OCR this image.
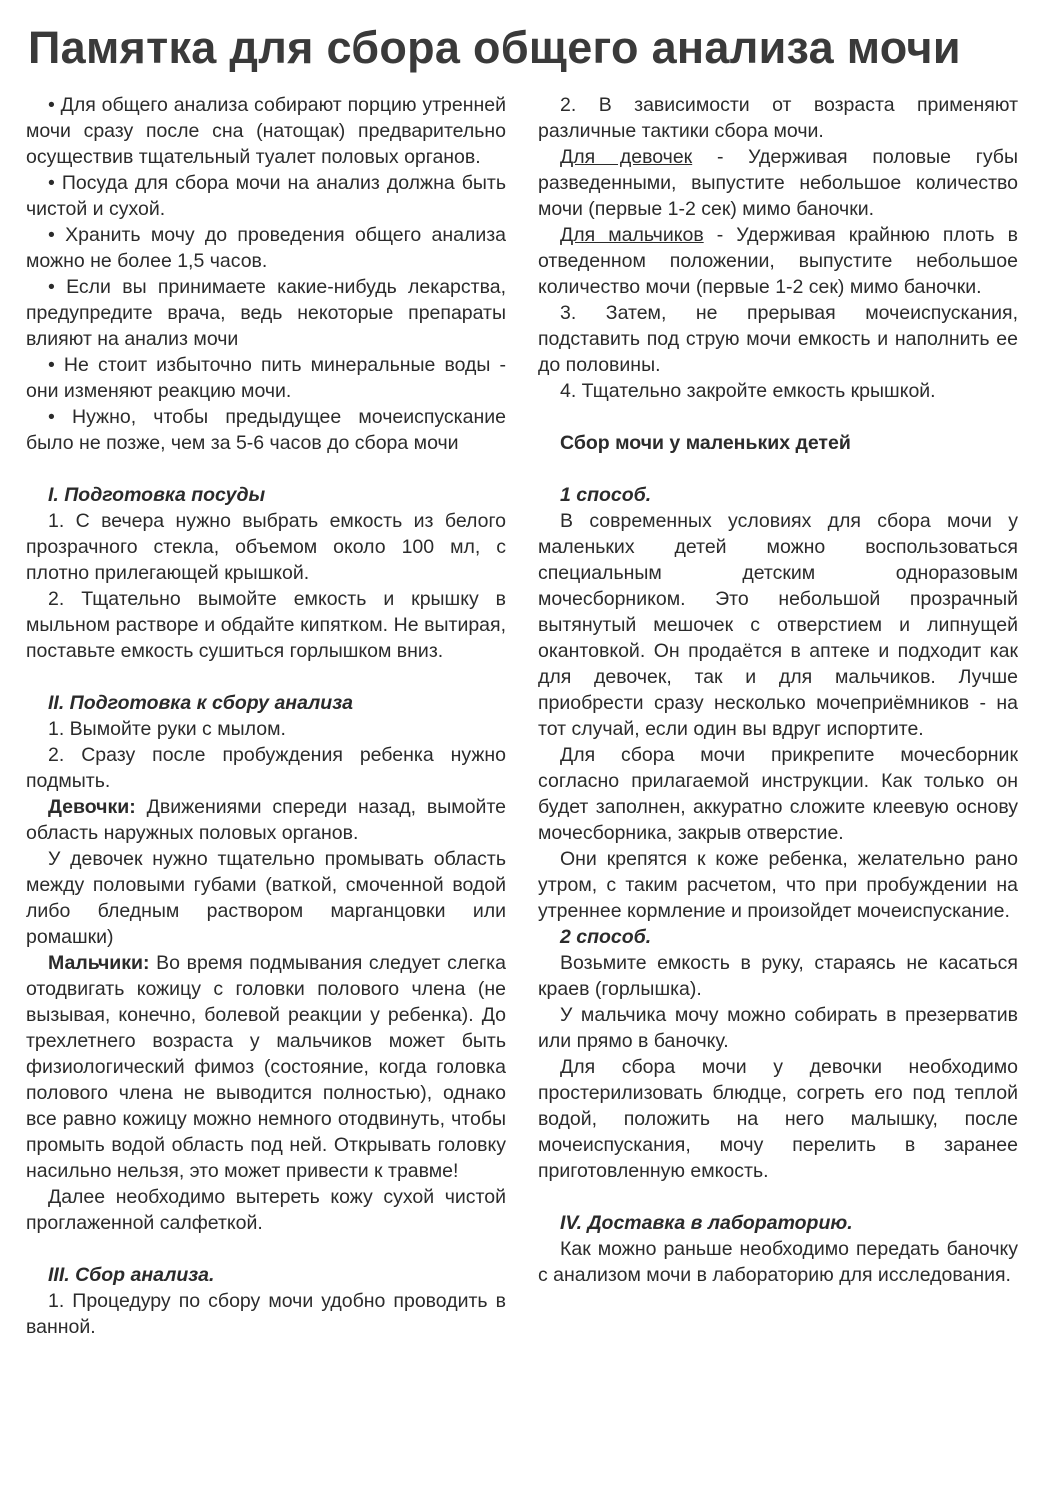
Памятка для сбора общего анализа мочи

• Для общего анализа собирают порцию утренней мочи сразу после сна (натощак) предварительно осуществив тщательный туалет половых органов.

• Посуда для сбора мочи на анализ должна быть чистой и сухой.

• Хранить мочу до проведения общего анализа можно не более 1,5 часов.

• Если вы принимаете какие-нибудь лекарства, предупредите врача, ведь некоторые препараты влияют на анализ мочи

• Не стоит избыточно пить минеральные воды - они изменяют реакцию мочи.

• Нужно, чтобы предыдущее мочеиспускание было не позже, чем за 5-6 часов до сбора мочи

I. Подготовка посуды

1. С вечера нужно выбрать емкость из белого прозрачного стекла, объемом около 100 мл, с плотно прилегающей крышкой.

2. Тщательно вымойте емкость и крышку в мыльном растворе и обдайте кипятком. Не вытирая, поставьте емкость сушиться горлышком вниз.

II. Подготовка к сбору анализа

1. Вымойте руки с мылом.

2. Сразу после пробуждения ребенка нужно подмыть.

Девочки: Движениями спереди назад, вымойте область наружных половых органов.

У девочек нужно тщательно промывать область между половыми губами (ваткой, смоченной водой либо бледным раствором марганцовки или ромашки)

Мальчики: Во время подмывания следует слегка отодвигать кожицу с головки полового члена (не вызывая, конечно, болевой реакции у ребенка). До трехлетнего возраста у мальчиков может быть физиологический фимоз (состояние, когда головка полового члена не выводится полностью), однако все равно кожицу можно немного отодвинуть, чтобы промыть водой область под ней. Открывать головку насильно нельзя, это может привести к травме!

Далее необходимо вытереть кожу сухой чистой проглаженной салфеткой.

III. Сбор анализа.

1. Процедуру по сбору мочи удобно проводить в ванной.

2. В зависимости от возраста применяют различные тактики сбора мочи.

Для девочек - Удерживая половые губы разведенными, выпустите небольшое количество мочи (первые 1-2 сек) мимо баночки.

Для мальчиков - Удерживая крайнюю плоть в отведенном положении, выпустите небольшое количество мочи (первые 1-2 сек) мимо баночки.

3. Затем, не прерывая мочеиспускания, подставить под струю мочи емкость и наполнить ее до половины.

4. Тщательно закройте емкость крышкой.

Сбор мочи у маленьких детей

1 способ.

В современных условиях для сбора мочи у маленьких детей можно воспользоваться специальным детским одноразовым мочесборником. Это небольшой прозрачный вытянутый мешочек с отверстием и липнущей окантовкой. Он продаётся в аптеке и подходит как для девочек, так и для мальчиков. Лучше приобрести сразу несколько мочеприёмников - на тот случай, если один вы вдруг испортите.

Для сбора мочи прикрепите мочесборник согласно прилагаемой инструкции. Как только он будет заполнен, аккуратно сложите клеевую основу мочесборника, закрыв отверстие.

Они крепятся к коже ребенка, желательно рано утром, с таким расчетом, что при пробуждении на утреннее кормление и произойдет мочеиспускание.

2 способ.

Возьмите емкость в руку, стараясь не касаться краев (горлышка).

У мальчика мочу можно собирать в презерватив или прямо в баночку.

Для сбора мочи у девочки необходимо простерилизовать блюдце, согреть его под теплой водой, положить на него малышку, после мочеиспускания, мочу перелить в заранее приготовленную емкость.

IV. Доставка в лабораторию.

Как можно раньше необходимо передать баночку с анализом мочи в лабораторию для исследования.
